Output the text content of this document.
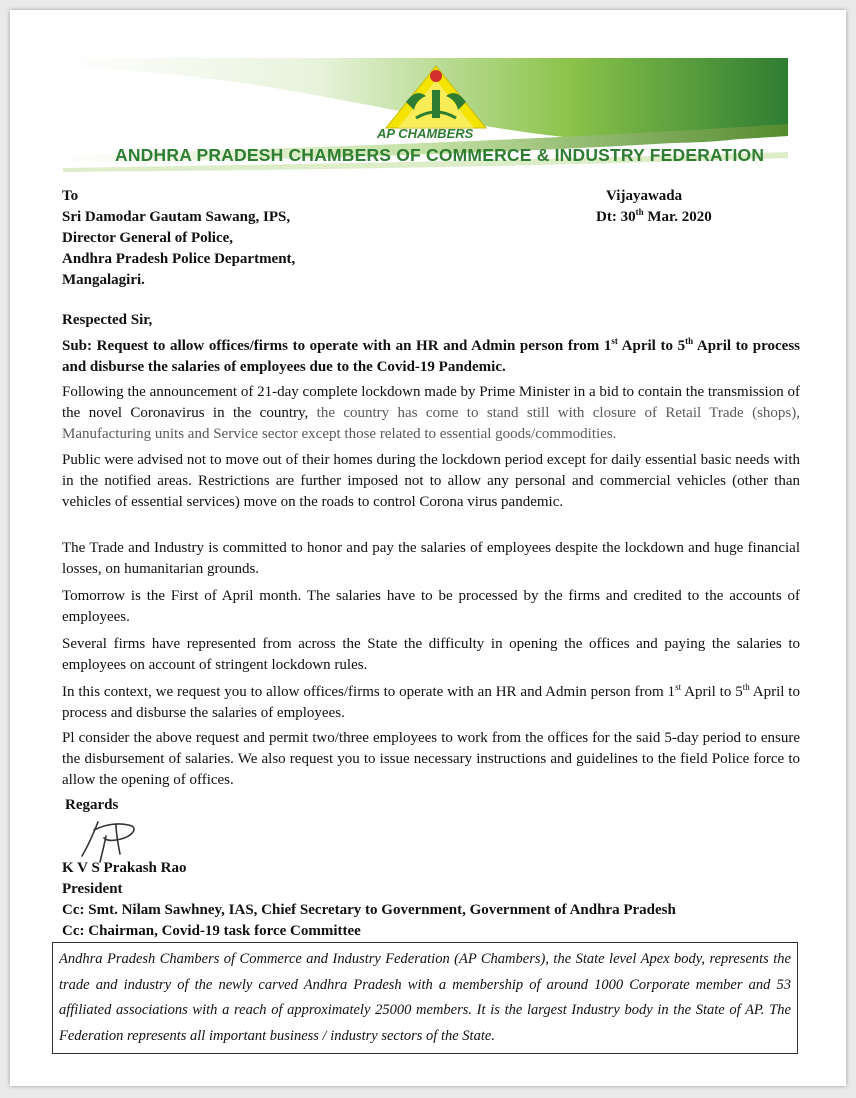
AP CHAMBERS
ANDHRA PRADESH CHAMBERS OF COMMERCE & INDUSTRY FEDERATION
To
Sri Damodar Gautam Sawang, IPS,
Director General of Police,
Andhra Pradesh Police Department,
Mangalagiri.
Vijayawada
Dt: 30th Mar. 2020
Respected Sir,
Sub: Request to allow offices/firms to operate with an HR and Admin person from 1st April to 5th April to process and disburse the salaries of employees due to the Covid-19 Pandemic.
Following the announcement of 21-day complete lockdown made by Prime Minister in a bid to contain the transmission of the novel Coronavirus in the country, the country has come to stand still with closure of Retail Trade (shops), Manufacturing units and Service sector except those related to essential goods/commodities.
Public were advised not to move out of their homes during the lockdown period except for daily essential basic needs with in the notified areas. Restrictions are further imposed not to allow any personal and commercial vehicles (other than vehicles of essential services) move on the roads to control Corona virus pandemic.
The Trade and Industry is committed to honor and pay the salaries of employees despite the lockdown and huge financial losses, on humanitarian grounds.
Tomorrow is the First of April month. The salaries have to be processed by the firms and credited to the accounts of employees.
Several firms have represented from across the State the difficulty in opening the offices and paying the salaries to employees on account of stringent lockdown rules.
In this context, we request you to allow offices/firms to operate with an HR and Admin person from 1st April to 5th April to process and disburse the salaries of employees.
Pl consider the above request and permit two/three employees to work from the offices for the said 5-day period to ensure the disbursement of salaries. We also request you to issue necessary instructions and guidelines to the field Police force to allow the opening of offices.
Regards
K V S Prakash Rao
President
Cc: Smt. Nilam Sawhney, IAS, Chief Secretary to Government, Government of Andhra Pradesh
Cc: Chairman, Covid-19 task force Committee
Andhra Pradesh Chambers of Commerce and Industry Federation (AP Chambers), the State level Apex body, represents the trade and industry of the newly carved Andhra Pradesh with a membership of around 1000 Corporate member and 53 affiliated associations with a reach of approximately 25000 members. It is the largest Industry body in the State of AP. The Federation represents all important business / industry sectors of the State.
